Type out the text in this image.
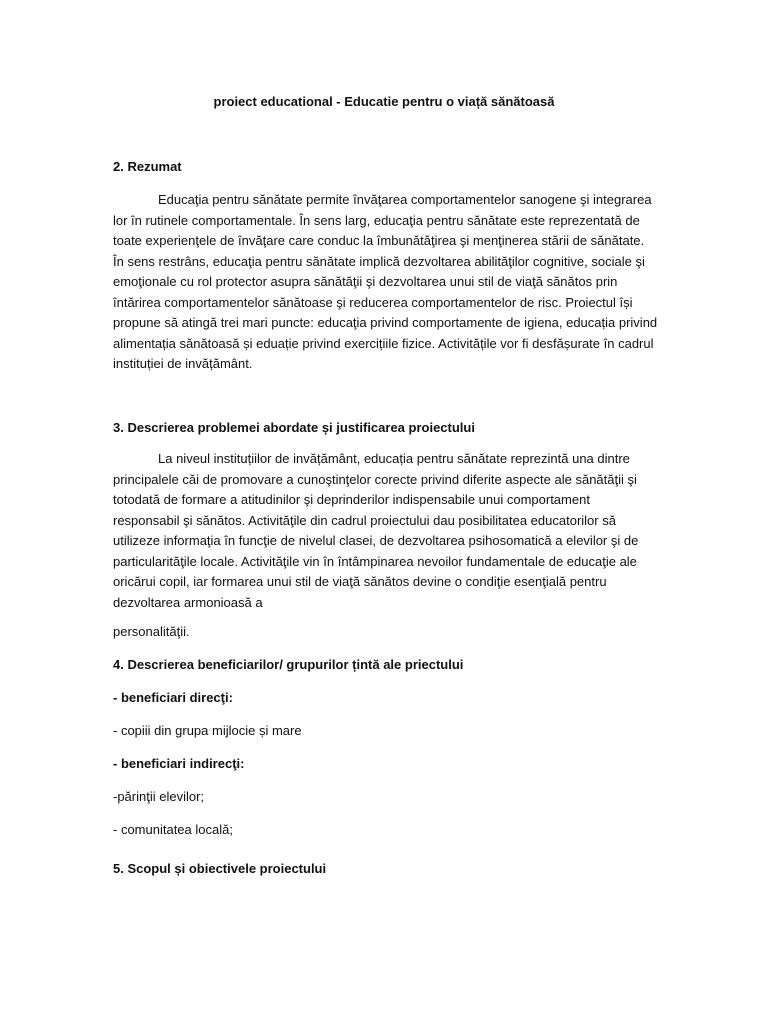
proiect educational - Educatie pentru o viață sănătoasă
2. Rezumat

Educaţia pentru sănătate permite învăţarea comportamentelor sanogene şi integrarea lor în rutinele comportamentale. În sens larg, educaţia pentru sănătate este reprezentată de toate experienţele de învăţare care conduc la îmbunătăţirea şi menţinerea stării de sănătate. În sens restrâns, educaţia pentru sănătate implică dezvoltarea abilităţilor cognitive, sociale şi emoţionale cu rol protector asupra sănătăţii şi dezvoltarea unui stil de viaţă sănătos prin întărirea comportamentelor sănătoase şi reducerea comportamentelor de risc. Proiectul își propune să atingă trei mari puncte: educaţia privind comportamente de igiena, educația privind alimentația sănătoasă și eduație privind exercițiile fizice. Activitățile vor fi desfășurate în cadrul instituției de invățământ.

3. Descrierea problemei abordate și justificarea proiectului

La niveul instituțiilor de invățământ, educația pentru sănătate reprezintă una dintre principalele căi de promovare a cunoştinţelor corecte privind diferite aspecte ale sănătăţii şi totodată de formare a atitudinilor şi deprinderilor indispensabile unui comportament responsabil şi sănătos. Activităţile din cadrul proiectului dau posibilitatea educatorilor să utilizeze informaţia în funcţie de nivelul clasei, de dezvoltarea psihosomatică a elevilor şi de particularităţile locale. Activităţile vin în întâmpinarea nevoilor fundamentale de educaţie ale oricărui copil, iar formarea unui stil de viaţă sănătos devine o condiţie esenţială pentru dezvoltarea armonioasă a

personalităţii.

4. Descrierea beneficiarilor/ grupurilor țintă ale priectului

- beneficiari direcţi:

- copiii din grupa mijlocie și mare

- beneficiari indirecţi:

-părinţii elevilor;

- comunitatea locală;

5. Scopul și obiectivele proiectului
